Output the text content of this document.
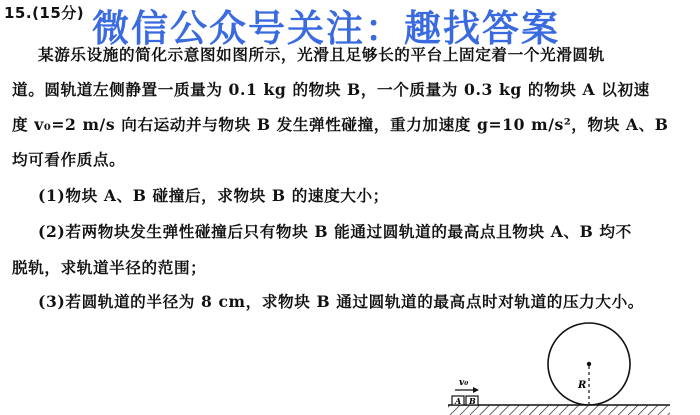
15.(15分) 微信公众号关注：趣找答案
某游乐设施的简化示意图如图所示，光滑且足够长的平台上固定着一个光滑圆轨
道。圆轨道左侧静置一质量为 0.1 kg 的物块 B，一个质量为 0.3 kg 的物块 A 以初速
度 v₀=2 m/s 向右运动并与物块 B 发生弹性碰撞，重力加速度 g=10 m/s²，物块 A、B
均可看作质点。
(1)物块 A、B 碰撞后，求物块 B 的速度大小；
(2)若两物块发生弹性碰撞后只有物块 B 能通过圆轨道的最高点且物块 A、B 均不
脱轨，求轨道半径的范围；
(3)若圆轨道的半径为 8 cm，求物块 B 通过圆轨道的最高点时对轨道的压力大小。
R
v₀
A B
